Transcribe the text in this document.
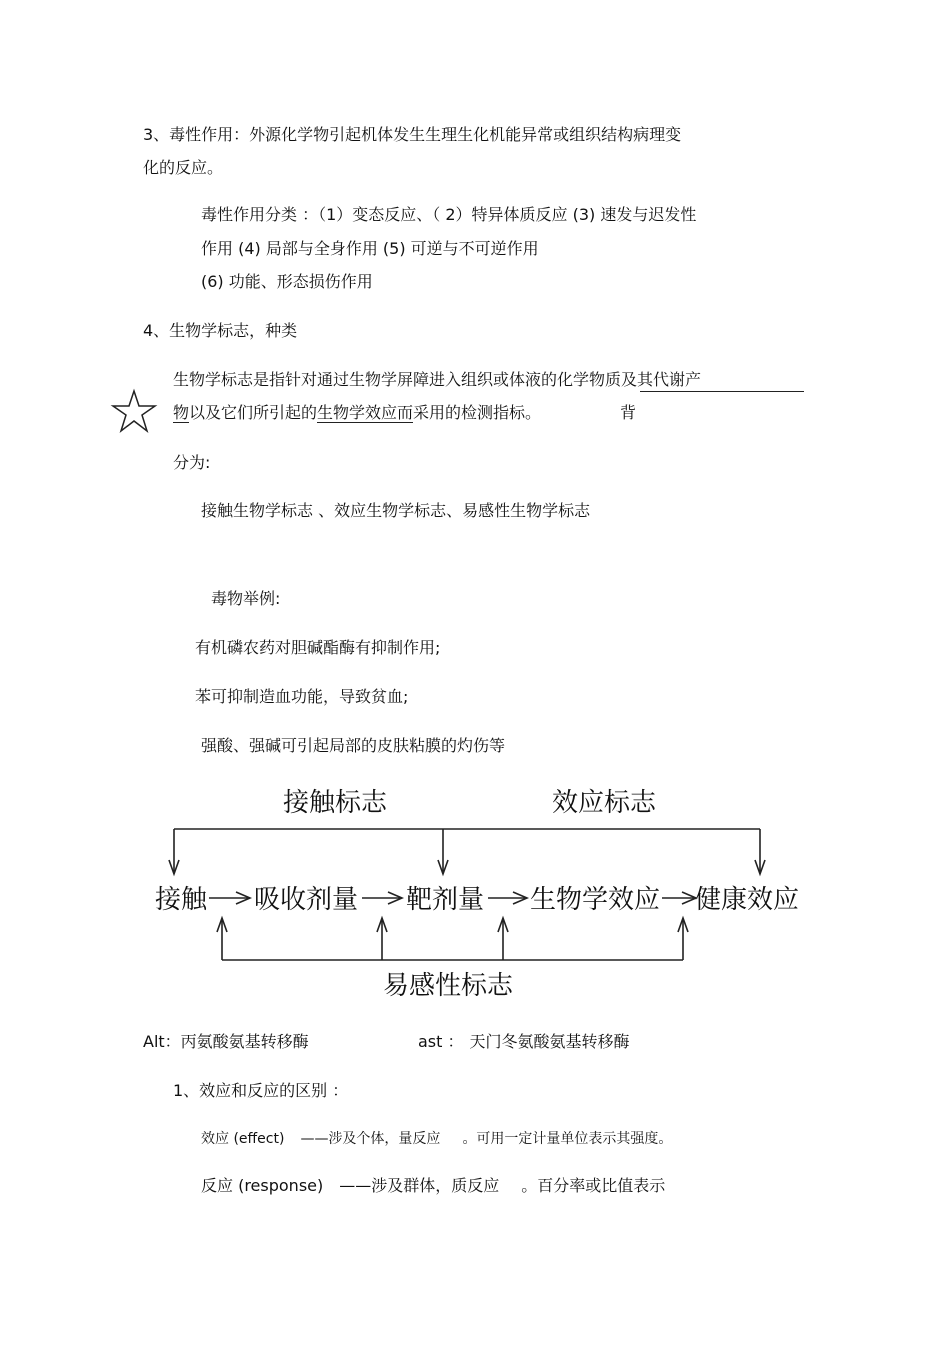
3、毒性作用：外源化学物引起机体发生生理生化机能异常或组织结构病理变
化的反应。
毒性作用分类 ：（1）变态反应、（ 2）特异体质反应 (3) 速发与迟发性
作用 (4) 局部与全身作用 (5) 可逆与不可逆作用
(6) 功能、形态损伤作用
4、生物学标志，种类
生物学标志是指针对通过生物学屏障进入组织或体液的化学物质及其代谢产
物以及它们所引起的生物学效应而采用的检测指标。	背
分为:
接触生物学标志 、效应生物学标志、易感性生物学标志
毒物举例:
有机磷农药对胆碱酯酶有抑制作用;
苯可抑制造血功能，导致贫血;
强酸、强碱可引起局部的皮肤粘膜的灼伤等
接触标志	效应标志
接触 吸收剂量 靶剂量 生物学效应 健康效应
易感性标志
Alt：丙氨酸氨基转移酶	ast ： 天门冬氨酸氨基转移酶
1、效应和反应的区别 ：
效应 (effect) ——涉及个体，量反应 。可用一定计量单位表示其强度。
反应 (response) ——涉及群体，质反应 。百分率或比值表示
